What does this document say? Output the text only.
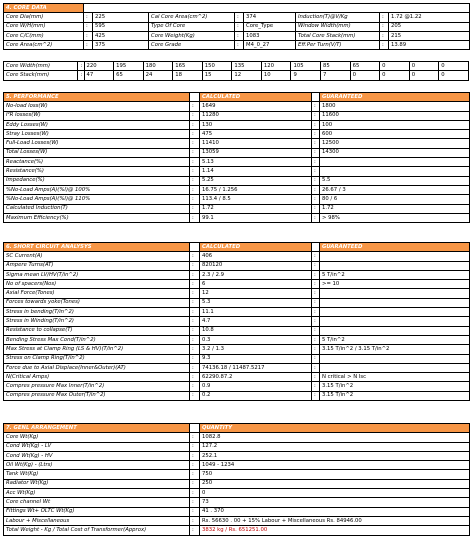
4. CORE DATA								
Core Dia(mm)	:	225	Cal Core Area(cm^2)	:	374	Induction(T)@V/Kg	:	1.72 @1.22
Core W/H(mm)	:	595	Type Of Core	:	Core_Type	Window Width(mm)	:	205
Core C/C(mm)	:	425	Core Weight(Kg)	:	1083	Total Core Stack(mm)	:	215
Core Area(cm^2)	:	375	Core Grade	:	M4_0_27	Eff.Per Turn(V/T)	:	13.89
Core Width(mm)	:	220	195	180	165	150	135	120	105	85	65	0	0	0
Core Stack(mm)	:	47	65	24	18	15	12	10	9	7	0	0	0	0
5. PERFORMANCE		CALCULATED		GUARANTEED
No-load loss(W)	:	1649	:	1800
I²R losses(W)	:	11280	:	11600
Eddy Losses(W)	:	130	:	100
Stray Losses(W)	:	475	:	600
Full-Load Losses(W)	:	11410	:	12500
Total Losses(W)	:	13059	:	14300
Reactance(%)	:	5.13	:	
Resistance(%)	:	1.14	:	
Impedance(%)	:	5.25	:	5.5
%No-Load Amps(A)(%I)@ 100%	:	16.75 / 1.256	:	26.67 / 3
%No-Load Amps(A)(%I)@ 110%	:	113.4 / 8.5	:	80 / 6
Calculated Induction(T)	:	1.72	:	1.72
Maximum Efficiency(%)	:	99.1	:	> 98%
6. SHORT CIRCUIT ANALYSYS		CALCULATED		GUARANTEED
SC Current(A)	:	406	:	
Ampere Turns(AT)	:	820120	:	
Sigma mean LV/HV(T/in^2)	:	2.3 / 2.9	:	5 T/in^2
No of spacers(Nos)	:	6	:	>= 10
Axial Force(Tones)	:	12	:	
Forces towards yoke(Tones)	:	5.3	:	
Stress in bending(T/in^2)	:	11.1	:	
Stress in Winding(T/in^2)	:	4.7	:	
Resistance to collapse(T)	:	10.8	:	
Bending Stress Max Cond(T/in^2)	:	0.3	:	5 T/in^2
Max Stress at Clamp Ring (LS & HV)(T/in^2)	:	3.2 / 1.3	:	3.15 T/in^2 / 3.15 T/in^2
Stress on Clamp Ring(T/in^2)	:	9.3	:	
Force due to Axial Displace(Inner&Outer)(AT)	:	74136.18 / 11487.5217	:	
N(Critical Amps)	:	62290.87.2	:	N critical > N Isc
Compres pressure Max Inner(T/in^2)	:	0.9	:	3.15 T/in^2
Compres pressure Max Outer(T/in^2)	:	0.2	:	3.15 T/in^2
7. GENL ARRANGEMENT		QUANTITY
Core Wt(Kg)	:	1082.8
Cond Wt(Kg) - LV	:	127.2
Cond Wt(Kg) - HV	:	252.1
Oil Wt(Kg) - (Ltrs)	:	1049 - 1234
Tank Wt(Kg)	:	750
Radiator Wt(Kg)	:	250
Acc Wt(Kg)	:	0
Core channel Wt	:	73
Fittings Wt+ OLTC Wt(Kg)	:	41 . 370
Labour + Miscellaneous	:	Rs. 56630 . 00 + 15% Labour + Miscellaneous Rs. 84946.00
Total Weight - Kg / Total Cost of Transformer(Approx)	:	3832 kg / Rs. 651251.00
